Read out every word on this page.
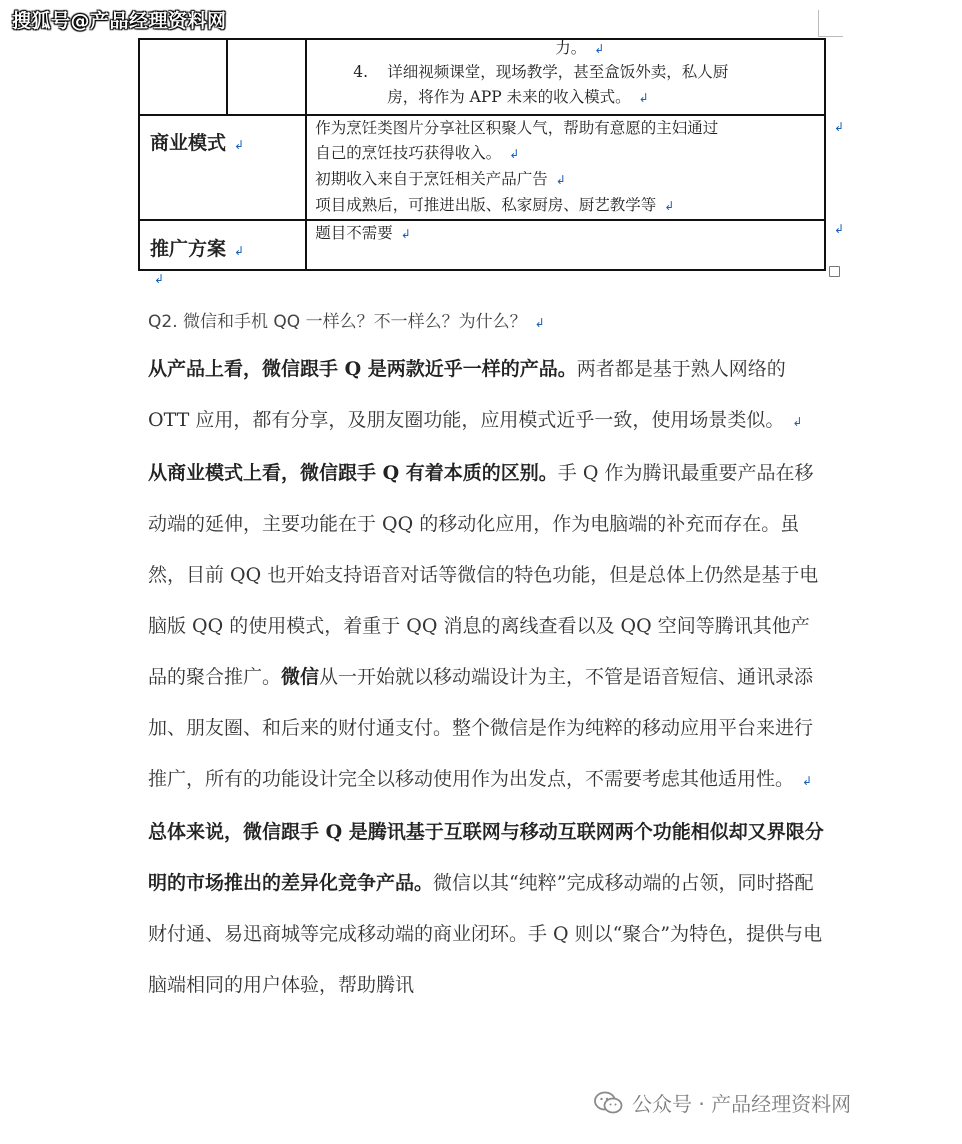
搜狐号@产品经理资料网

		力。 ↲
4. 详细视频课堂，现场教学，甚至盒饭外卖，私人厨
房，将作为 APP 未来的收入模式。 ↲

商业模式 ↲		作为烹饪类图片分享社区积聚人气，帮助有意愿的主妇通过
自己的烹饪技巧获得收入。 ↲
初期收入来自于烹饪相关产品广告 ↲
项目成熟后，可推进出版、私家厨房、厨艺教学等 ↲

推广方案 ↲		题目不需要 ↲
↲
↲
↲
Q2. 微信和手机 QQ 一样么？不一样么？为什么？ ↲

从产品上看，微信跟手 Q 是两款近乎一样的产品。两者都是基于熟人网络的 OTT 应用，都有分享，及朋友圈功能，应用模式近乎一致，使用场景类似。 ↲

从商业模式上看，微信跟手 Q 有着本质的区别。手 Q 作为腾讯最重要产品在移动端的延伸，主要功能在于 QQ 的移动化应用，作为电脑端的补充而存在。虽然，目前 QQ 也开始支持语音对话等微信的特色功能，但是总体上仍然是基于电脑版 QQ 的使用模式，着重于 QQ 消息的离线查看以及 QQ 空间等腾讯其他产品的聚合推广。微信从一开始就以移动端设计为主，不管是语音短信、通讯录添加、朋友圈、和后来的财付通支付。整个微信是作为纯粹的移动应用平台来进行推广，所有的功能设计完全以移动使用作为出发点，不需要考虑其他适用性。 ↲

总体来说，微信跟手 Q 是腾讯基于互联网与移动互联网两个功能相似却又界限分明的市场推出的差异化竞争产品。微信以其“纯粹”完成移动端的占领，同时搭配财付通、易迅商城等完成移动端的商业闭环。手 Q 则以“聚合”为特色，提供与电脑端相同的用户体验，帮助腾讯

公众号 · 产品经理资料网
